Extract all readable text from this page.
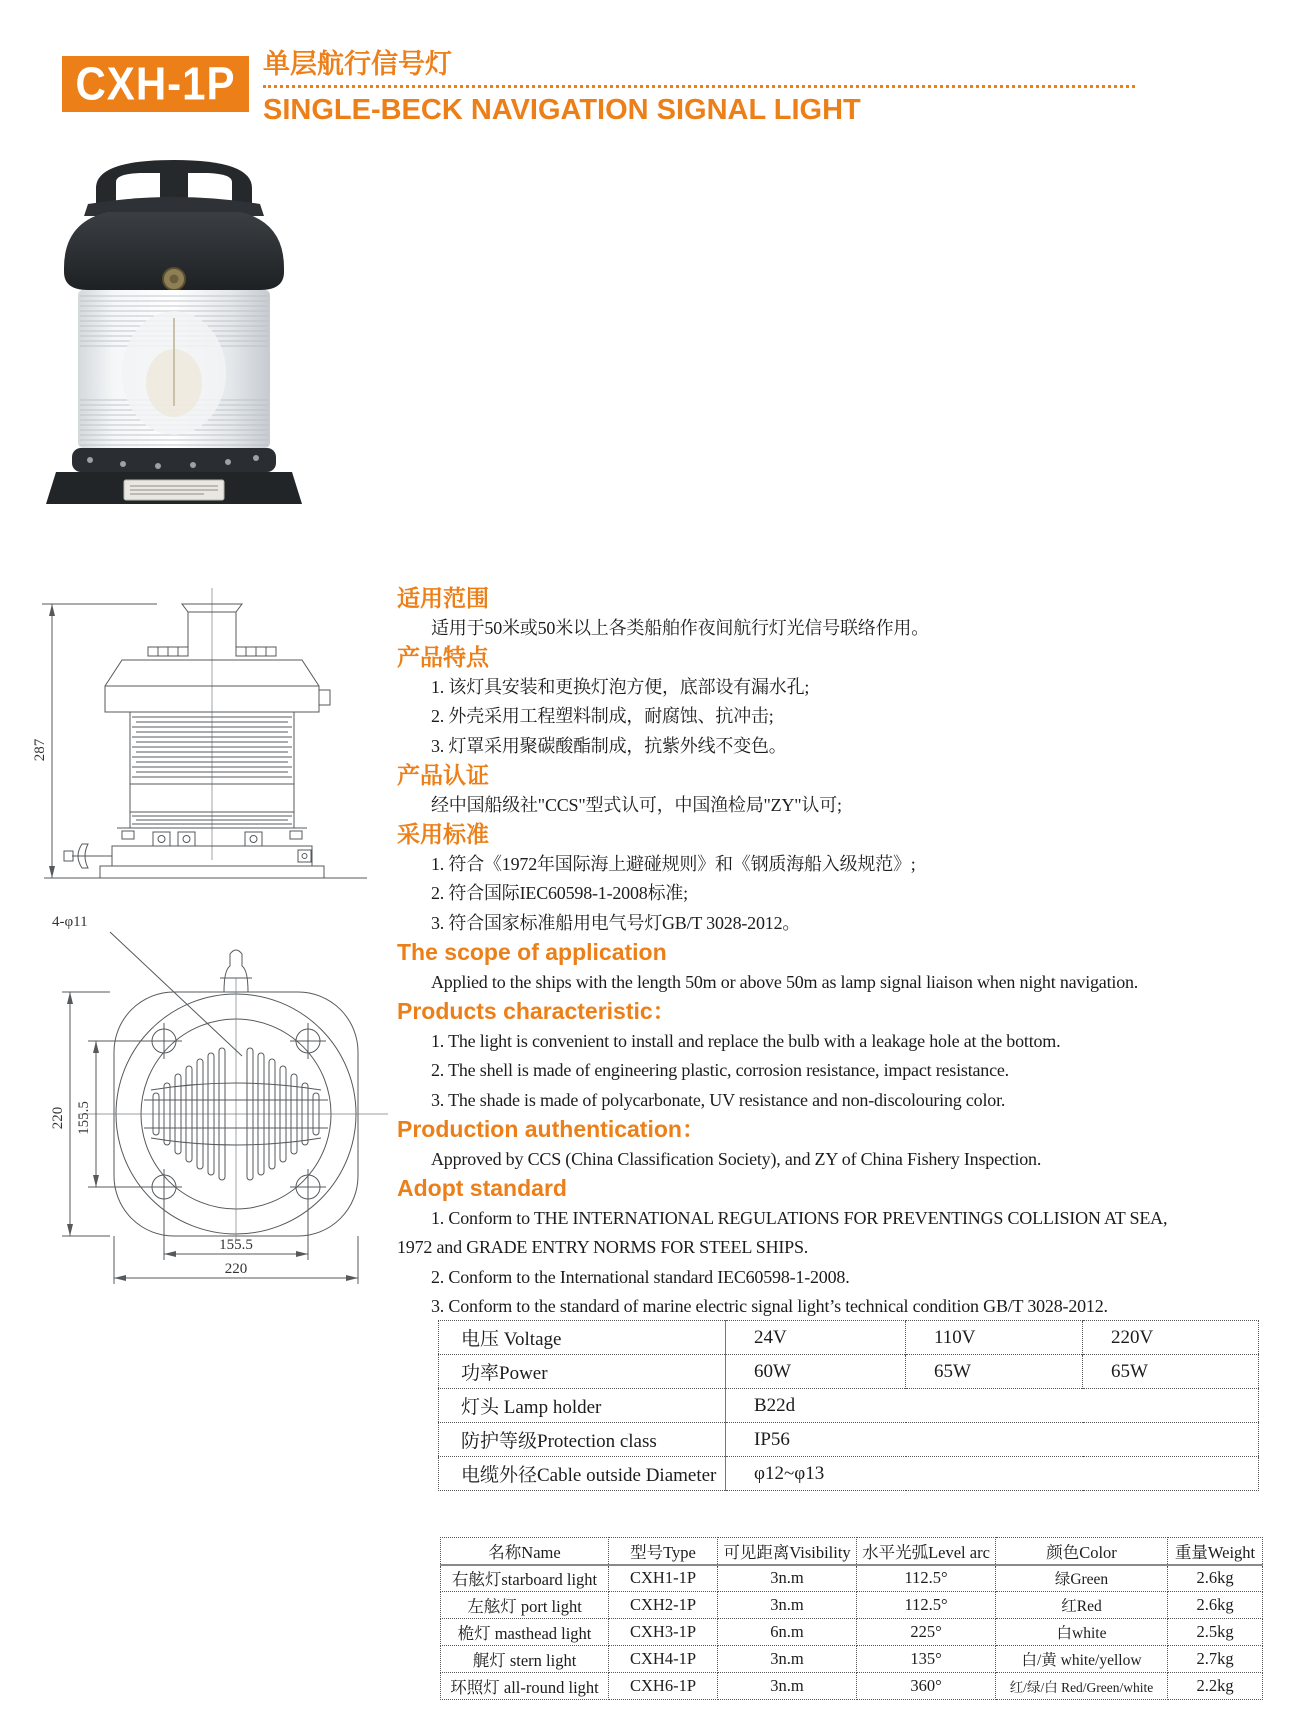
CXH-1P 单层航行信号灯
SINGLE-BECK NAVIGATION SIGNAL LIGHT
287
4-φ11
220 155.5
155.5
220
适用范围

适用于50米或50米以上各类船舶作夜间航行灯光信号联络作用。

产品特点

1. 该灯具安装和更换灯泡方便，底部设有漏水孔;

2. 外壳采用工程塑料制成，耐腐蚀、抗冲击;

3. 灯罩采用聚碳酸酯制成，抗紫外线不变色。

产品认证

经中国船级社"CCS"型式认可，中国渔检局"ZY"认可;

采用标准

1. 符合《1972年国际海上避碰规则》和《钢质海船入级规范》;

2. 符合国际IEC60598-1-2008标准;

3. 符合国家标准船用电气号灯GB/T 3028-2012。

The scope of application

Applied to the ships with the length 50m or above 50m as lamp signal liaison when night navigation.

Products characteristic：

1. The light is convenient to install and replace the bulb with a leakage hole at the bottom.

2. The shell is made of engineering plastic, corrosion resistance, impact resistance.

3. The shade is made of polycarbonate, UV resistance and non-discolouring color.

Production authentication：

Approved by CCS (China Classification Society), and ZY of China Fishery Inspection.

Adopt standard

1. Conform to THE INTERNATIONAL REGULATIONS FOR PREVENTINGS COLLISION AT SEA, 1972 and GRADE ENTRY NORMS FOR STEEL SHIPS.

2. Conform to the International standard IEC60598-1-2008.

3. Conform to the standard of marine electric signal light’s technical condition GB/T 3028-2012.

电压 Voltage	24V	110V	220V
功率Power	60W	65W	65W
灯头 Lamp holder	B22d		
防护等级Protection class	IP56		
电缆外径Cable outside Diameter	φ12~φ13		
名称Name	型号Type	可见距离Visibility	水平光弧Level arc	颜色Color	重量Weight
右舷灯starboard light	CXH1-1P	3n.m	112.5°	绿Green	2.6kg
左舷灯 port light	CXH2-1P	3n.m	112.5°	红Red	2.6kg
桅灯 masthead light	CXH3-1P	6n.m	225°	白white	2.5kg
艉灯 stern light	CXH4-1P	3n.m	135°	白/黄 white/yellow	2.7kg
环照灯 all-round light	CXH6-1P	3n.m	360°	红/绿/白 Red/Green/white	2.2kg
